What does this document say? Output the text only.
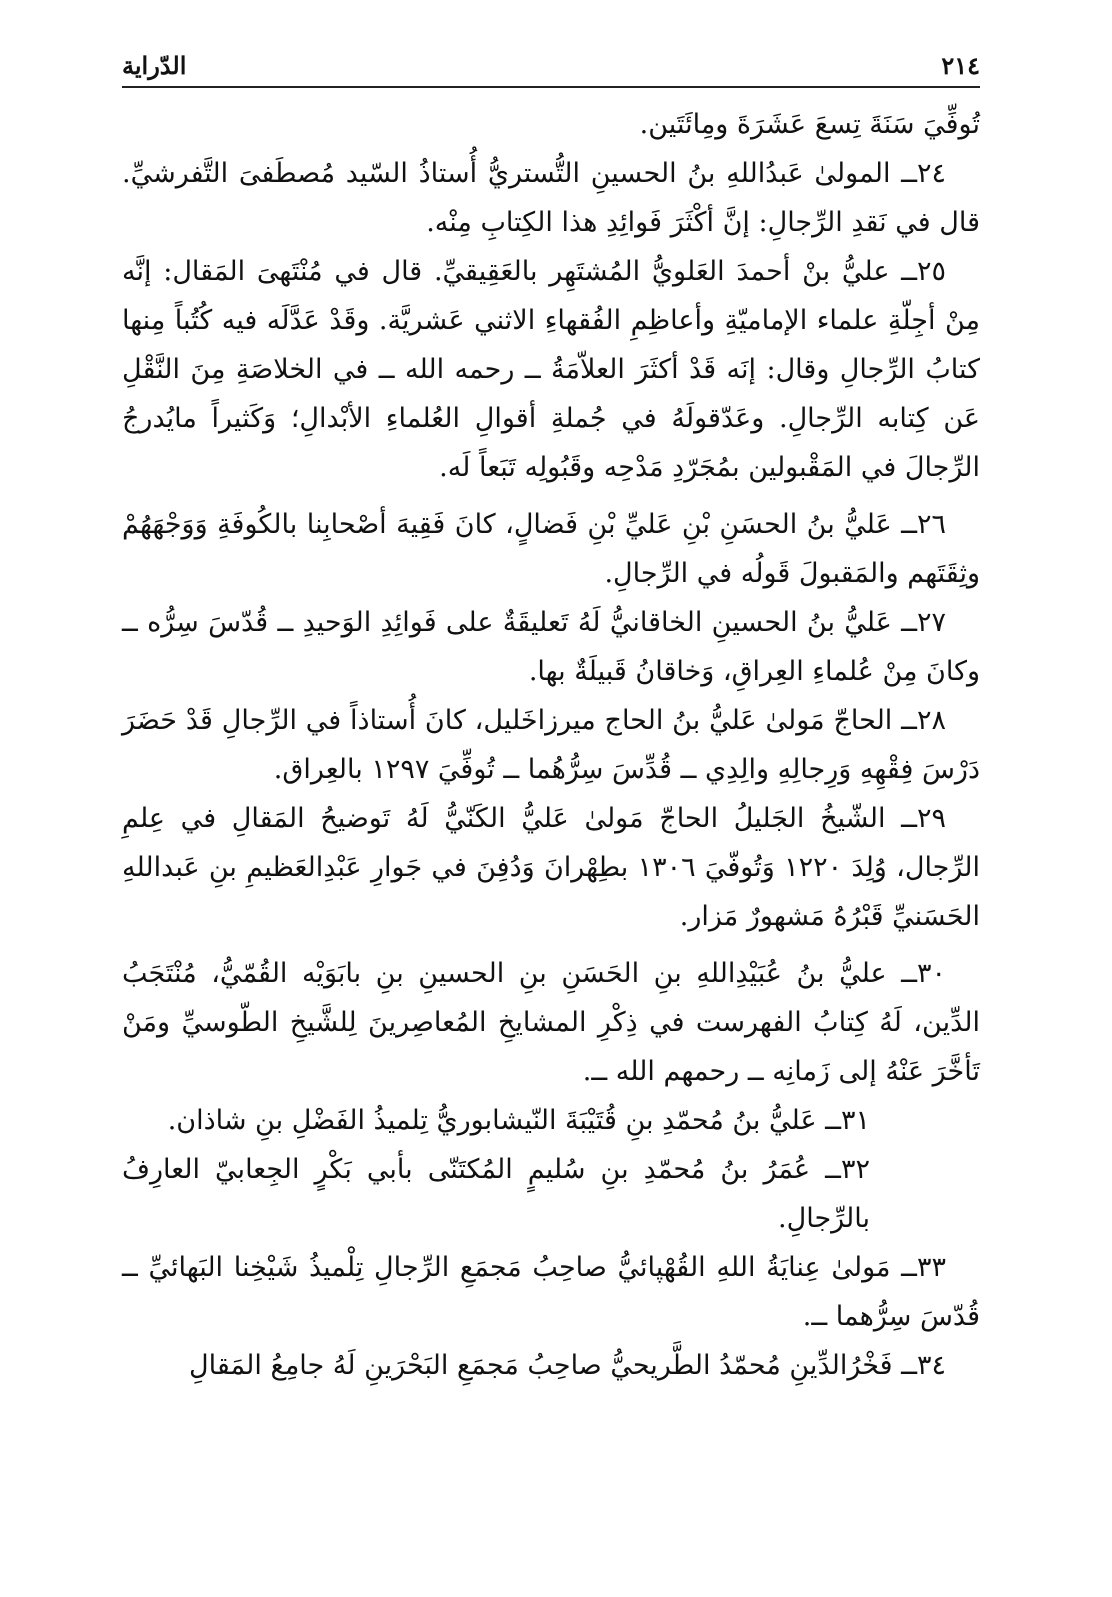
٢١٤
الدّراية

تُوفِّيَ سَنَةَ تِسعَ عَشَرَةَ ومِائَتَين.

٢٤ــ المولىٰ عَبدُاللهِ بنُ الحسينِ التُّستريُّ أُستاذُ السّيد مُصطَفىَ التَّفرشيِّ. قال في نَقدِ الرِّجالِ: إنَّ أكْثَرَ فَوائِدِ هذا الكِتابِ مِنْه.

٢٥ــ عليُّ بنْ أحمدَ العَلويُّ المُشتَهِر بالعَقِيقيِّ. قال في مُنْتَهىَ المَقال: إنَّه مِنْ أجِلّةِ علماء الإماميّةِ وأعاظِمِ الفُقهاءِ الاثني عَشريَّة. وقَدْ عَدَّلَه فيه كُتُباً مِنها كتابُ الرِّجالِ وقال: إنَه قَدْ أكثَرَ العلاّمَةُ ــ رحمه الله ــ في الخلاصَةِ مِنَ النَّقْلِ عَن كِتابه الرِّجالِ. وعَدّقولَهُ في جُملةِ أقوالِ العُلماءِ الأبْدالِ؛ وَكَثيراً مايُدرجُ الرِّجالَ في المَقْبولين بمُجَرّدِ مَدْحِه وقَبُولِه تَبَعاً لَه.

٢٦ــ عَليُّ بنُ الحسَنِ بْنِ عَليِّ بْنِ فَضالٍ، كانَ فَقِيهَ أصْحابِنا بالكُوفَةِ وَوَجْهَهُمْ وثِقَتَهم والمَقبولَ قَولُه في الرِّجالِ.

٢٧ــ عَليُّ بنُ الحسينِ الخاقانيُّ لَهُ تَعليقَةٌ على فَوائِدِ الوَحيدِ ــ قُدّسَ سِرُّه ــ وكانَ مِنْ عُلماءِ العِراقِ، وَخاقانُ قَبيلَةٌ بها.

٢٨ــ الحاجّ مَولىٰ عَليُّ بنُ الحاج ميرزاخَليل، كانَ أُستاذاً في الرِّجالِ قَدْ حَضَرَ دَرْسَ فِقْهِهِ وَرِجالِهِ والِدِي ــ قُدِّسَ سِرُّهُما ــ تُوفِّيَ ١٢٩٧ بالعِراق.

٢٩ــ الشّيخُ الجَليلُ الحاجّ مَولىٰ عَليُّ الكَنّيُّ لَهُ تَوضيحُ المَقالِ في عِلمِ الرِّجال، وُلِدَ ١٢٢٠ وَتُوفّيَ ١٣٠٦ بطِهْرانَ وَدُفِنَ في جَوارِ عَبْدِالعَظيمِ بنِ عَبداللهِ الحَسَنيِّ قَبْرُهُ مَشهورٌ مَزار.

٣٠ــ عليُّ بنُ عُبَيْدِاللهِ بنِ الحَسَنِ بنِ الحسينِ بنِ بابَوَيْه القُمّيُّ، مُنْتَجَبُ الدِّين، لَهُ كِتابُ الفهرست في ذِكْرِ المشايخِ المُعاصِرينَ لِلشَّيخِ الطّوسيِّ ومَنْ تَأخَّرَ عَنْهُ إلى زَمانِه ــ رحمهم الله ــ.

٣١ــ عَليُّ بنُ مُحمّدِ بنِ قُتَيْبَةَ النّيشابوريُّ تِلميذُ الفَضْلِ بنِ شاذان.

٣٢ــ عُمَرُ بنُ مُحمّدِ بنِ سُليمٍ المُكتَنّى بأبي بَكْرٍ الجِعابيّ العارِفُ بالرِّجالِ.

٣٣ــ مَولىٰ عِنايَةُ اللهِ القُهْپائيُّ صاحِبُ مَجمَعِ الرِّجالِ تِلْميذُ شَيْخِنا البَهائيِّ ــ قُدّسَ سِرُّهما ــ.

٣٤ــ فَخْرُالدِّينِ مُحمّدُ الطَّريحيُّ صاحِبُ مَجمَعِ البَحْرَينِ لَهُ جامِعُ المَقالِ
